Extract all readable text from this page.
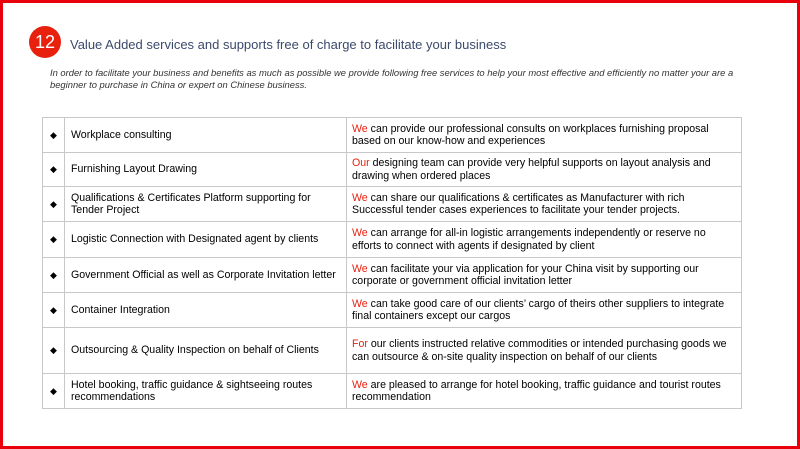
12	Value Added services and supports free of charge to facilitate your business
In order to facilitate your business and benefits as much as possible we provide following free services to help your most effective and efficiently no matter your are a beginner to purchase in China or expert on Chinese business.
◆	Workplace consulting	We can provide our professional consults on workplaces furnishing proposal based on our know-how and experiences
◆	Furnishing Layout Drawing	Our designing team can provide very helpful supports on layout analysis and drawing when ordered places
◆	Qualifications & Certificates Platform supporting for Tender Project	We can share our qualifications & certificates as Manufacturer with rich Successful tender cases experiences to facilitate your tender projects.
◆	Logistic Connection with Designated agent by clients	We can arrange for all-in logistic arrangements independently or reserve no efforts to connect with agents if designated by client
◆	Government Official as well as Corporate Invitation letter	We can facilitate your via application for your China visit by supporting our corporate or government official invitation letter
◆	Container Integration	We can take good care of our clients’ cargo of theirs other suppliers to integrate final containers except our cargos
◆	Outsourcing & Quality Inspection on behalf of Clients	For our clients instructed relative commodities or intended purchasing goods we can outsource & on-site quality inspection on behalf of our clients
◆	Hotel booking, traffic guidance & sightseeing routes recommendations	We are pleased to arrange for hotel booking, traffic guidance and tourist routes recommendation
